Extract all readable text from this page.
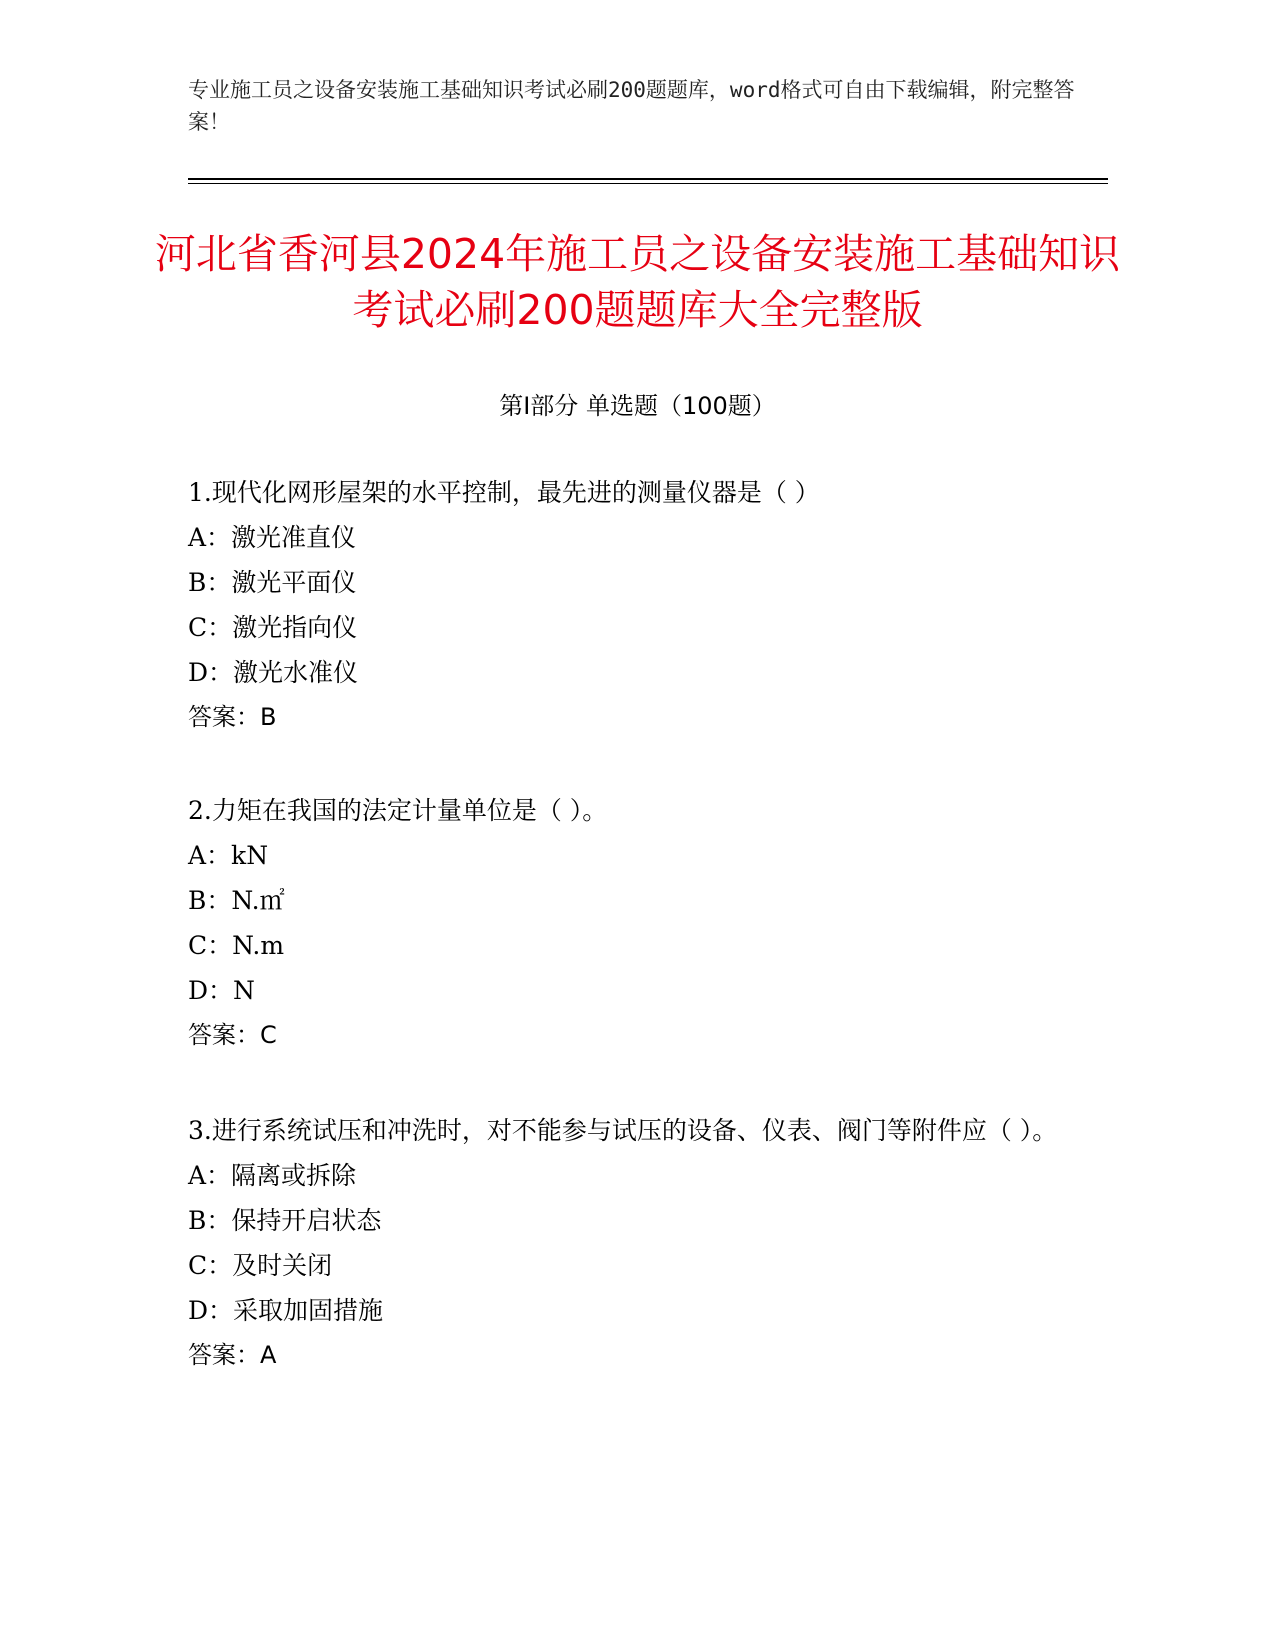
专业施工员之设备安装施工基础知识考试必刷200题题库，word格式可自由下载编辑，附完整答案！
河北省香河县2024年施工员之设备安装施工基础知识考试必刷200题题库大全完整版
第Ⅰ部分 单选题（100题）
1.现代化网形屋架的水平控制，最先进的测量仪器是（ ）
A：激光准直仪
B：激光平面仪
C：激光指向仪
D：激光水准仪
答案：B
2.力矩在我国的法定计量单位是（ ）。
A：kN
B：N.㎡
C：N.m
D：N
答案：C
3.进行系统试压和冲洗时，对不能参与试压的设备、仪表、阀门等附件应（ ）。
A：隔离或拆除
B：保持开启状态
C：及时关闭
D：采取加固措施
答案：A
